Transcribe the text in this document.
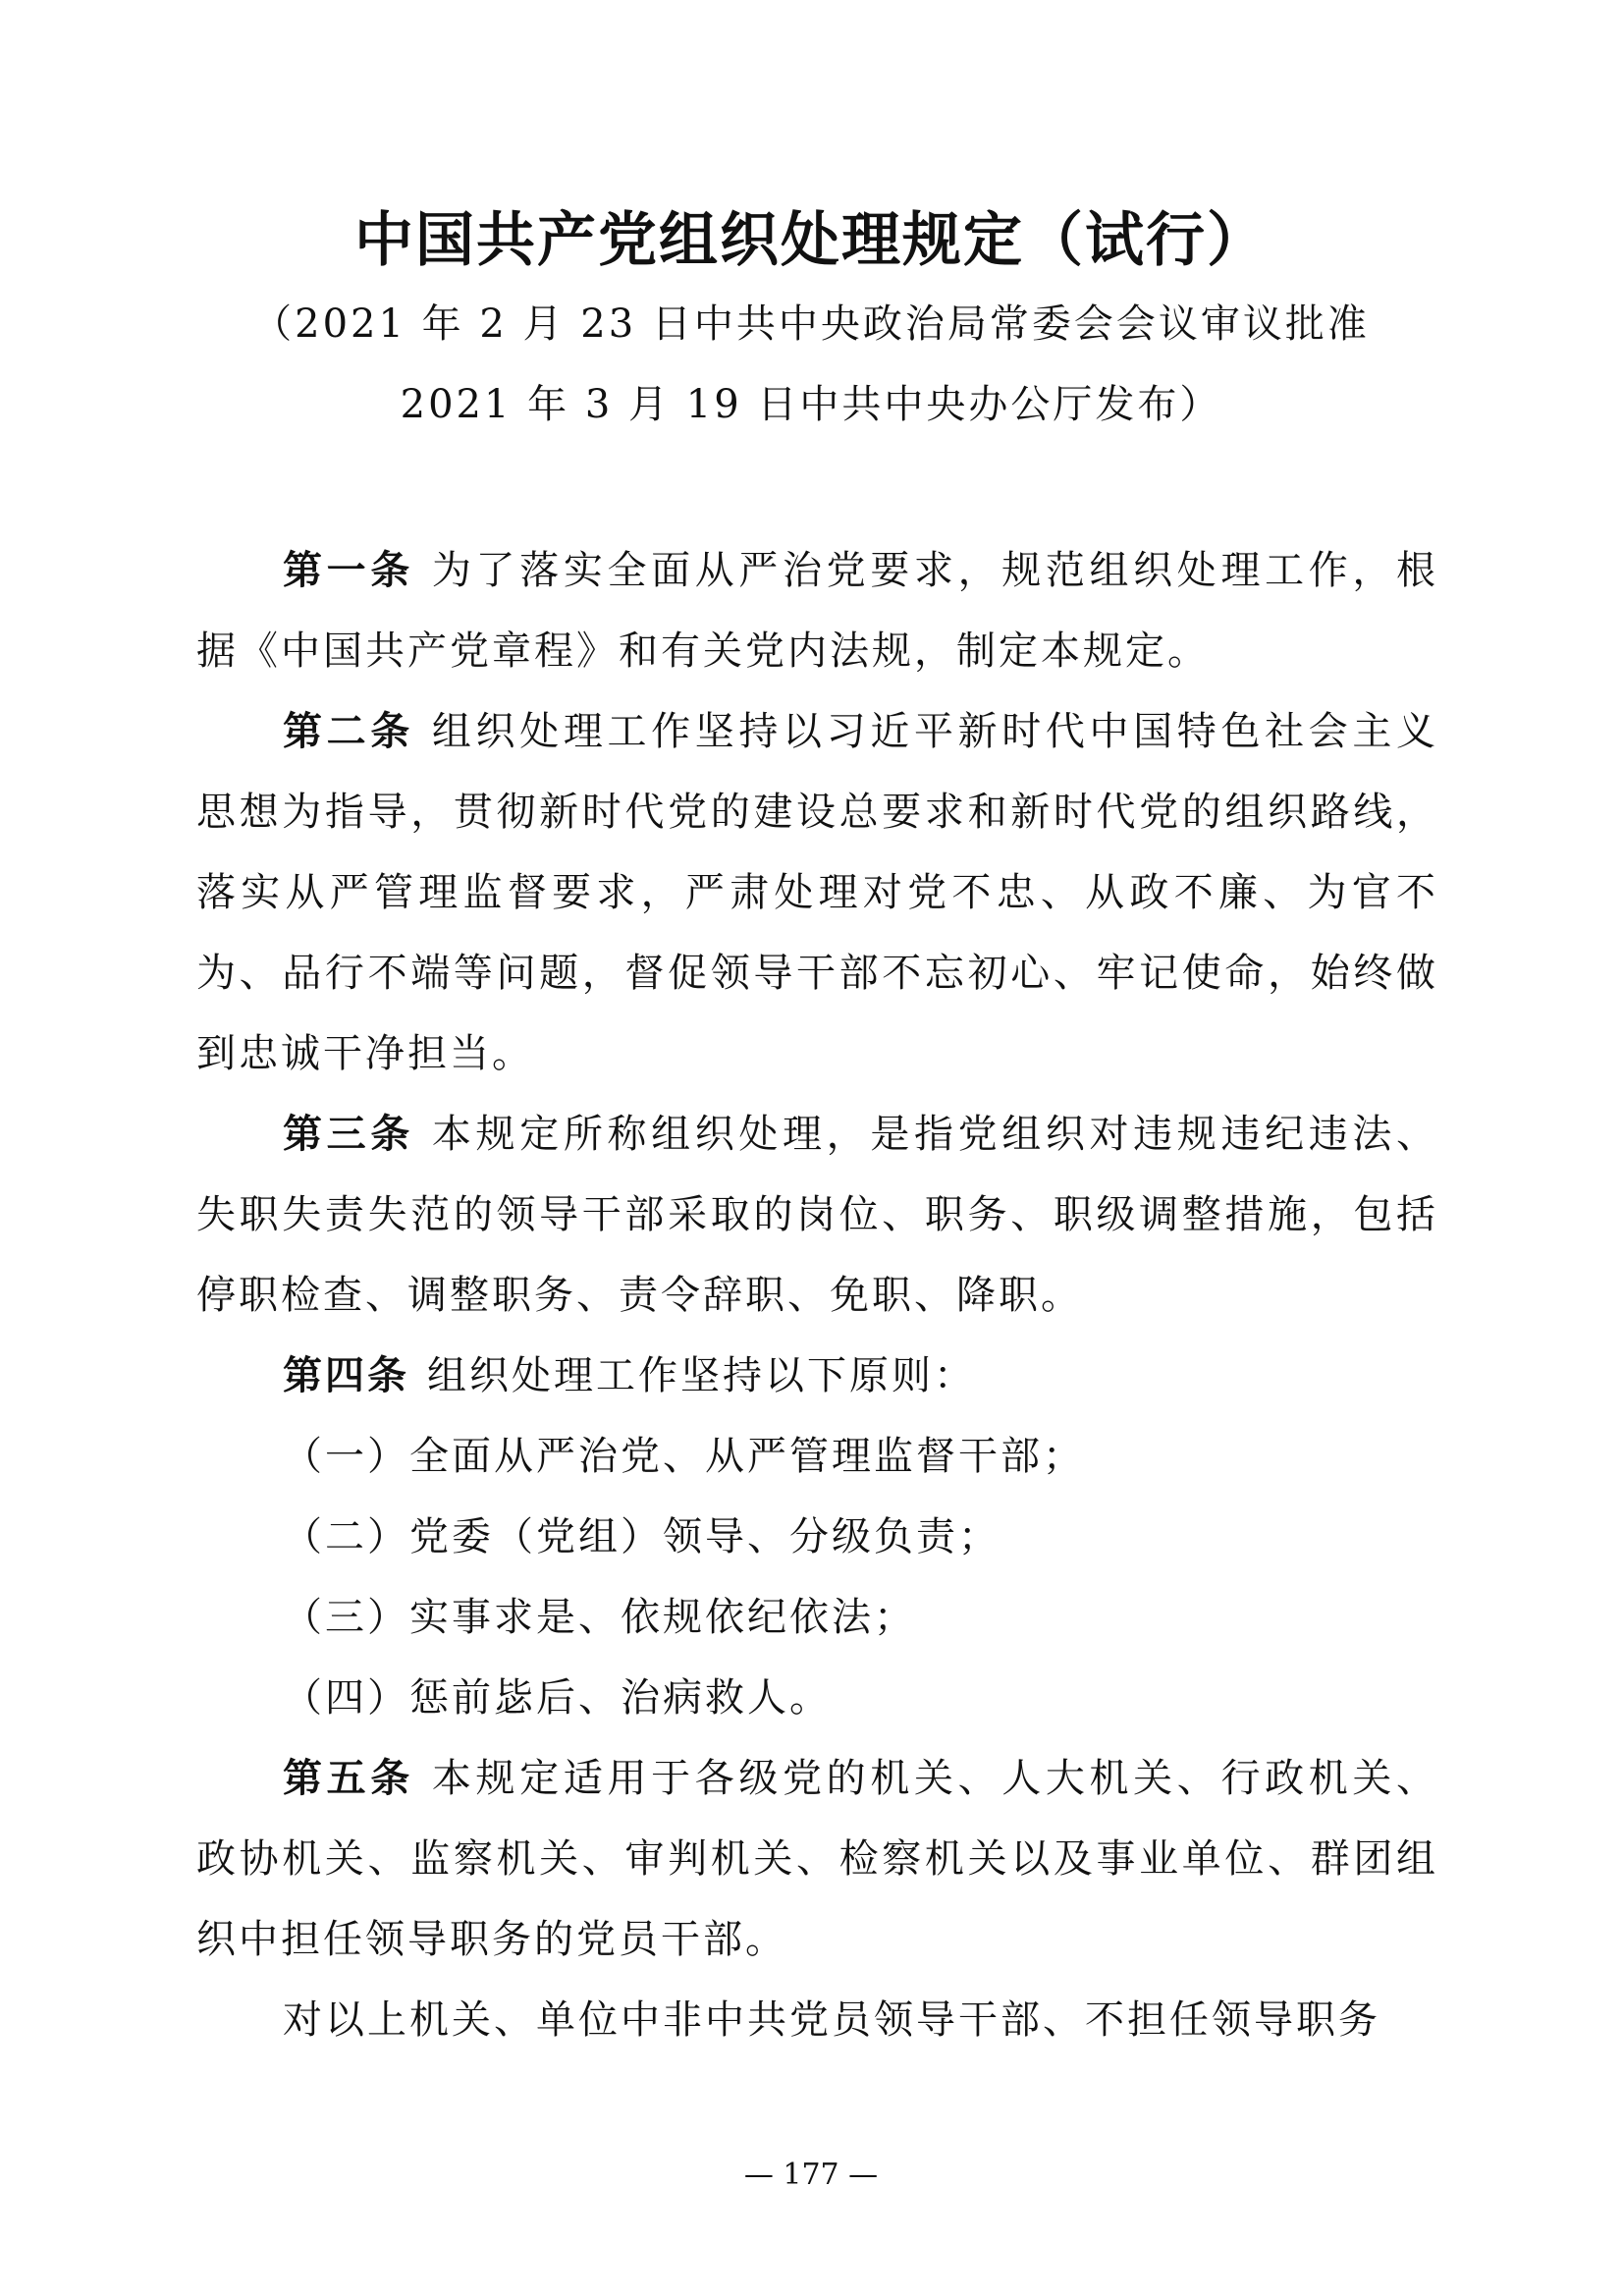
中国共产党组织处理规定（试行）
（2021 年 2 月 23 日中共中央政治局常委会会议审议批准
2021 年 3 月 19 日中共中央办公厅发布）

第一条 为了落实全面从严治党要求，规范组织处理工作，根据《中国共产党章程》和有关党内法规，制定本规定。

第二条 组织处理工作坚持以习近平新时代中国特色社会主义思想为指导，贯彻新时代党的建设总要求和新时代党的组织路线，落实从严管理监督要求，严肃处理对党不忠、从政不廉、为官不为、品行不端等问题，督促领导干部不忘初心、牢记使命，始终做到忠诚干净担当。

第三条 本规定所称组织处理，是指党组织对违规违纪违法、失职失责失范的领导干部采取的岗位、职务、职级调整措施，包括停职检查、调整职务、责令辞职、免职、降职。

第四条 组织处理工作坚持以下原则：

（一）全面从严治党、从严管理监督干部；

（二）党委（党组）领导、分级负责；

（三）实事求是、依规依纪依法；

（四）惩前毖后、治病救人。

第五条 本规定适用于各级党的机关、人大机关、行政机关、政协机关、监察机关、审判机关、检察机关以及事业单位、群团组织中担任领导职务的党员干部。

对以上机关、单位中非中共党员领导干部、不担任领导职务

— 177 —
